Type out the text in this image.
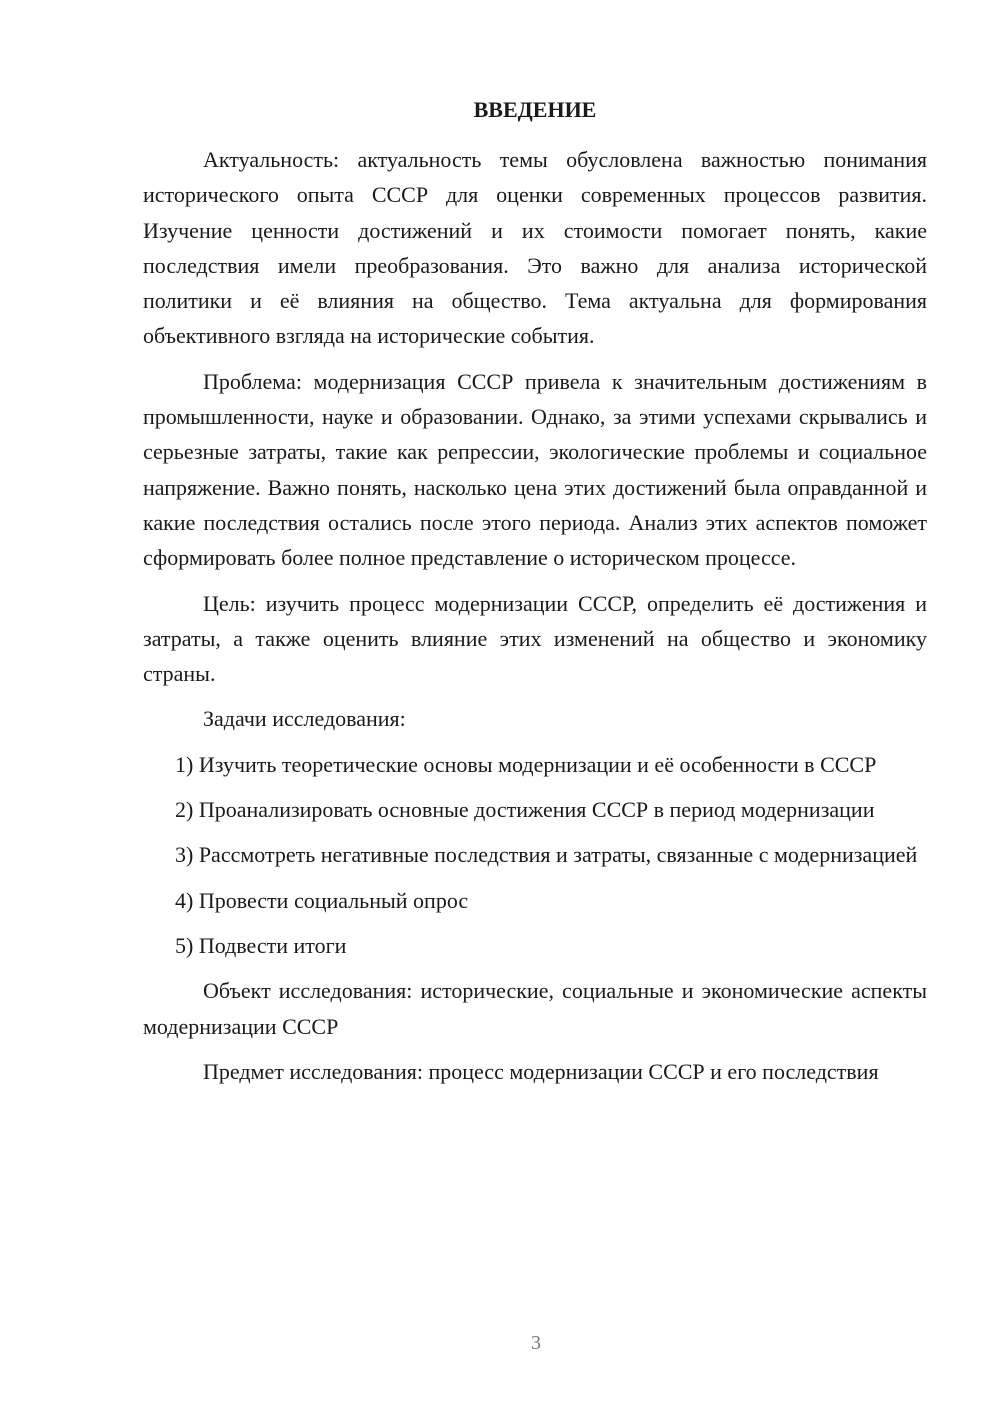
ВВЕДЕНИЕ

Актуальность: актуальность темы обусловлена важностью понимания исторического опыта СССР для оценки современных процессов развития. Изучение ценности достижений и их стоимости помогает понять, какие последствия имели преобразования. Это важно для анализа исторической политики и её влияния на общество. Тема актуальна для формирования объективного взгляда на исторические события.

Проблема: модернизация СССР привела к значительным достижениям в промышленности, науке и образовании. Однако, за этими успехами скрывались и серьезные затраты, такие как репрессии, экологические проблемы и социальное напряжение. Важно понять, насколько цена этих достижений была оправданной и какие последствия остались после этого периода. Анализ этих аспектов поможет сформировать более полное представление о историческом процессе.

Цель: изучить процесс модернизации СССР, определить её достижения и затраты, а также оценить влияние этих изменений на общество и экономику страны.

Задачи исследования:

1) Изучить теоретические основы модернизации и её особенности в СССР

2) Проанализировать основные достижения СССР в период модернизации

3) Рассмотреть негативные последствия и затраты, связанные с модернизацией

4) Провести социальный опрос

5) Подвести итоги

Объект исследования: исторические, социальные и экономические аспекты модернизации СССР

Предмет исследования: процесс модернизации СССР и его последствия

3
